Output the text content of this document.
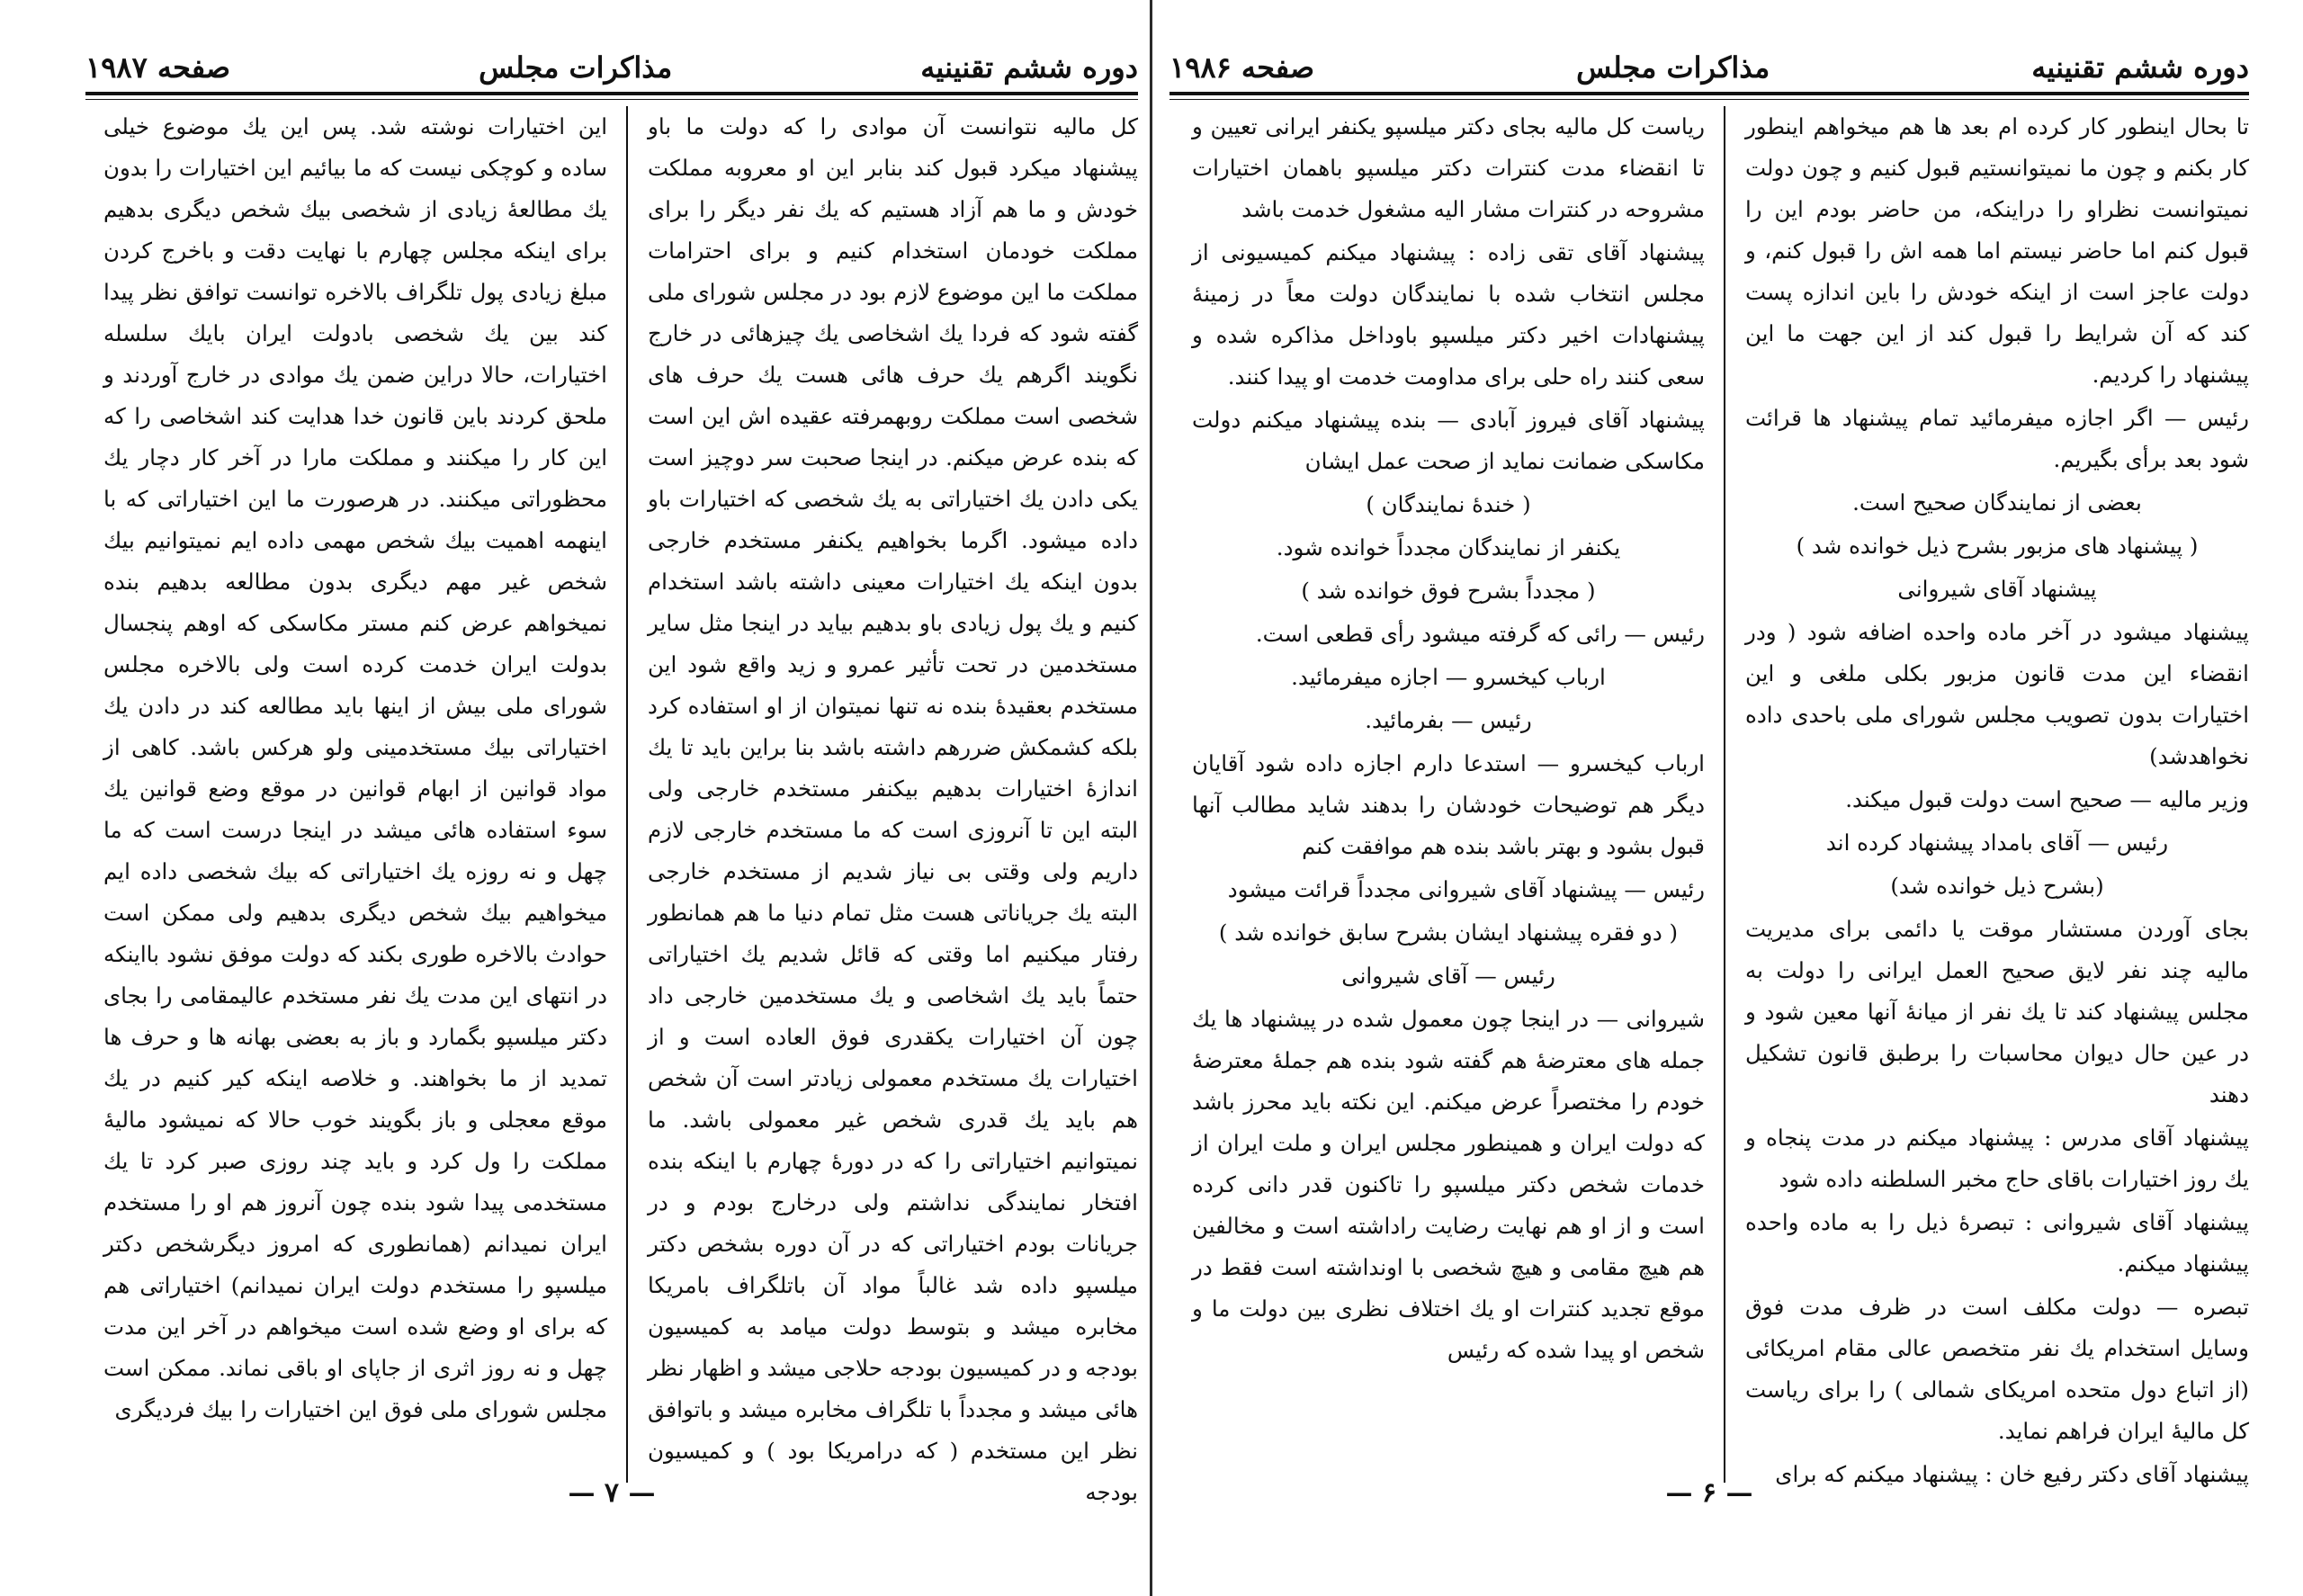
دوره ششم تقنینیه
مذاکرات مجلس
صفحه ۱۹۸۷

کل مالیه نتوانست آن موادی را که دولت ما باو پیشنهاد میکرد قبول کند بنابر این او معروبه مملکت خودش و ما هم آزاد هستیم که یك نفر دیگر را برای مملکت خودمان استخدام کنیم و برای احترامات مملکت ما این موضوع لازم بود در مجلس شورای ملی گفته شود که فردا یك اشخاصی یك چیزهائی در خارج نگویند اگرهم یك حرف هائی هست یك حرف های شخصی است مملکت روبهمرفته عقیده اش این است که بنده عرض میکنم. در اینجا صحبت سر دوچیز است یکی دادن یك اختیاراتی به یك شخصی که اختیارات باو داده میشود. اگرما بخواهیم یکنفر مستخدم خارجی بدون اینکه یك اختیارات معینی داشته باشد استخدام کنیم و یك پول زیادی باو بدهیم بیاید در اینجا مثل سایر مستخدمین در تحت تأثیر عمرو و زید واقع شود این مستخدم بعقیدهٔ بنده نه تنها نمیتوان از او استفاده کرد بلکه کشمکش ضررهم داشته باشد بنا براین باید تا یك اندازهٔ اختیارات بدهیم بیکنفر مستخدم خارجی ولی البته این تا آنروزی است که ما مستخدم خارجی لازم داریم ولی وقتی بی نیاز شدیم از مستخدم خارجی البته یك جریاناتی هست مثل تمام دنیا ما هم همانطور رفتار میکنیم اما وقتی که قائل شدیم یك اختیاراتی حتماً باید یك اشخاصی و یك مستخدمین خارجی داد چون آن اختیارات یکقدری فوق العاده است و از اختیارات یك مستخدم معمولی زیادتر است آن شخص هم باید یك قدری شخص غیر معمولی باشد. ما نمیتوانیم اختیاراتی را که در دورهٔ چهارم با اینکه بنده افتخار نمایندگی نداشتم ولی درخارج بودم و در جریانات بودم اختیاراتی که در آن دوره بشخص دکتر میلسپو داده شد غالباً مواد آن باتلگراف بامریکا مخابره میشد و بتوسط دولت میامد به کمیسیون بودجه و در کمیسیون بودجه حلاجی میشد و اظهار نظر هائی میشد و مجدداً با تلگراف مخابره میشد و باتوافق نظر این مستخدم ( که درامریکا بود ) و کمیسیون بودجه

این اختیارات نوشته شد. پس این یك موضوع خیلی ساده و کوچکی نیست که ما بیائیم این اختیارات را بدون یك مطالعهٔ زیادی از شخصی بیك شخص دیگری بدهیم برای اینکه مجلس چهارم با نهایت دقت و باخرج کردن مبلغ زیادی پول تلگراف بالاخره توانست توافق نظر پیدا کند بین یك شخصی بادولت ایران بایك سلسله اختیارات، حالا دراین ضمن یك موادی در خارج آوردند و ملحق کردند باین قانون خدا هدایت کند اشخاصی را که این کار را میکنند و مملکت مارا در آخر کار دچار یك محظوراتی میکنند. در هرصورت ما این اختیاراتی که با اینهمه اهمیت بیك شخص مهمی داده ایم نمیتوانیم بیك شخص غیر مهم دیگری بدون مطالعه بدهیم بنده نمیخواهم عرض کنم مستر مکاسکی که اوهم پنجسال بدولت ایران خدمت کرده است ولی بالاخره مجلس شورای ملی بیش از اینها باید مطالعه کند در دادن یك اختیاراتی بیك مستخدمینی ولو هرکس باشد. کاهی از مواد قوانین از ابهام قوانین در موقع وضع قوانین یك سوء استفاده هائی میشد در اینجا درست است که ما چهل و نه روزه یك اختیاراتی که بیك شخصی داده ایم میخواهیم بیك شخص دیگری بدهیم ولی ممکن است حوادث بالاخره طوری بکند که دولت موفق نشود بااینکه در انتهای این مدت یك نفر مستخدم عالیمقامی را بجای دکتر میلسپو بگمارد و باز به بعضی بهانه ها و حرف ها تمدید از ما بخواهند. و خلاصه اینکه کیر کنیم در یك موقع معجلی و باز بگویند خوب حالا که نمیشود مالیهٔ مملکت را ول کرد و باید چند روزی صبر کرد تا یك مستخدمی پیدا شود بنده چون آنروز هم او را مستخدم ایران نمیدانم (همانطوری که امروز دیگرشخص دکتر میلسپو را مستخدم دولت ایران نمیدانم) اختیاراتی هم که برای او وضع شده است میخواهم در آخر این مدت چهل و نه روز اثری از جاپای او باقی نماند. ممکن است مجلس شورای ملی فوق این اختیارات را بیك فردیگری

— ۷ —
دوره ششم تقنینیه
مذاکرات مجلس
صفحه ۱۹۸۶

تا بحال اینطور کار کرده ام بعد ها هم میخواهم اینطور کار بکنم و چون ما نمیتوانستیم قبول کنیم و چون دولت نمیتوانست نظراو را دراینکه، من حاضر بودم این را قبول کنم اما حاضر نیستم اما همه اش را قبول کنم، و دولت عاجز است از اینکه خودش را باین اندازه پست کند که آن شرایط را قبول کند از این جهت ما این پیشنهاد را کردیم.

رئیس — اگر اجازه میفرمائید تمام پیشنهاد ها قرائت شود بعد برأی بگیریم.

بعضی از نمایندگان صحیح است.

( پیشنهاد های مزبور بشرح ذیل خوانده شد )

پیشنهاد آقای شیروانی

پیشنهاد میشود در آخر ماده واحده اضافه شود ( ودر انقضاء این مدت قانون مزبور بکلی ملغی و این اختیارات بدون تصویب مجلس شورای ملی باحدی داده نخواهدشد)

وزیر مالیه — صحیح است دولت قبول میکند.

رئیس — آقای بامداد پیشنهاد کرده اند

(بشرح ذیل خوانده شد)

بجای آوردن مستشار موقت یا دائمی برای مدیریت مالیه چند نفر لایق صحیح العمل ایرانی را دولت به مجلس پیشنهاد کند تا یك نفر از میانهٔ آنها معین شود و در عین حال دیوان محاسبات را برطبق قانون تشکیل دهند

پیشنهاد آقای مدرس : پیشنهاد میکنم در مدت پنجاه و یك روز اختیارات باقای حاج مخبر السلطنه داده شود

پیشنهاد آقای شیروانی : تبصرهٔ ذیل را به ماده واحده پیشنهاد میکنم.

تبصره — دولت مکلف است در ظرف مدت فوق وسایل استخدام یك نفر متخصص عالی مقام امریکائی (از اتباع دول متحده امریکای شمالی ) را برای ریاست کل مالیهٔ ایران فراهم نماید.

پیشنهاد آقای دکتر رفیع خان : پیشنهاد میکنم که برای

ریاست کل مالیه بجای دکتر میلسپو یکنفر ایرانی تعیین و تا انقضاء مدت کنترات دکتر میلسپو باهمان اختیارات مشروحه در کنترات مشار الیه مشغول خدمت باشد

پیشنهاد آقای تقی زاده : پیشنهاد میکنم کمیسیونی از مجلس انتخاب شده با نمایندگان دولت معاً در زمینهٔ پیشنهادات اخیر دکتر میلسپو باوداخل مذاکره شده و سعی کنند راه حلی برای مداومت خدمت او پیدا کنند.

پیشنهاد آقای فیروز آبادی — بنده پیشنهاد میکنم دولت مکاسکی ضمانت نماید از صحت عمل ایشان

( خندهٔ نمایندگان )

یکنفر از نمایندگان مجدداً خوانده شود.

( مجدداً بشرح فوق خوانده شد )

رئیس — رائی که گرفته میشود رأی قطعی است.

ارباب کیخسرو — اجازه میفرمائید.

رئیس — بفرمائید.

ارباب کیخسرو — استدعا دارم اجازه داده شود آقایان دیگر هم توضیحات خودشان را بدهند شاید مطالب آنها قبول بشود و بهتر باشد بنده هم موافقت کنم

رئیس — پیشنهاد آقای شیروانی مجدداً قرائت میشود

( دو فقره پیشنهاد ایشان بشرح سابق خوانده شد )

رئیس — آقای شیروانی

شیروانی — در اینجا چون معمول شده در پیشنهاد ها یك جمله های معترضهٔ هم گفته شود بنده هم جملهٔ معترضهٔ خودم را مختصراً عرض میکنم. این نکته باید محرز باشد که دولت ایران و همینطور مجلس ایران و ملت ایران از خدمات شخص دکتر میلسپو را تاکنون قدر دانی کرده است و از او هم نهایت رضایت راداشته است و مخالفین هم هیچ مقامی و هیچ شخصی با اونداشته است فقط در موقع تجدید کنترات او یك اختلاف نظری بین دولت ما و شخص او پیدا شده که رئیس

— ۶ —
